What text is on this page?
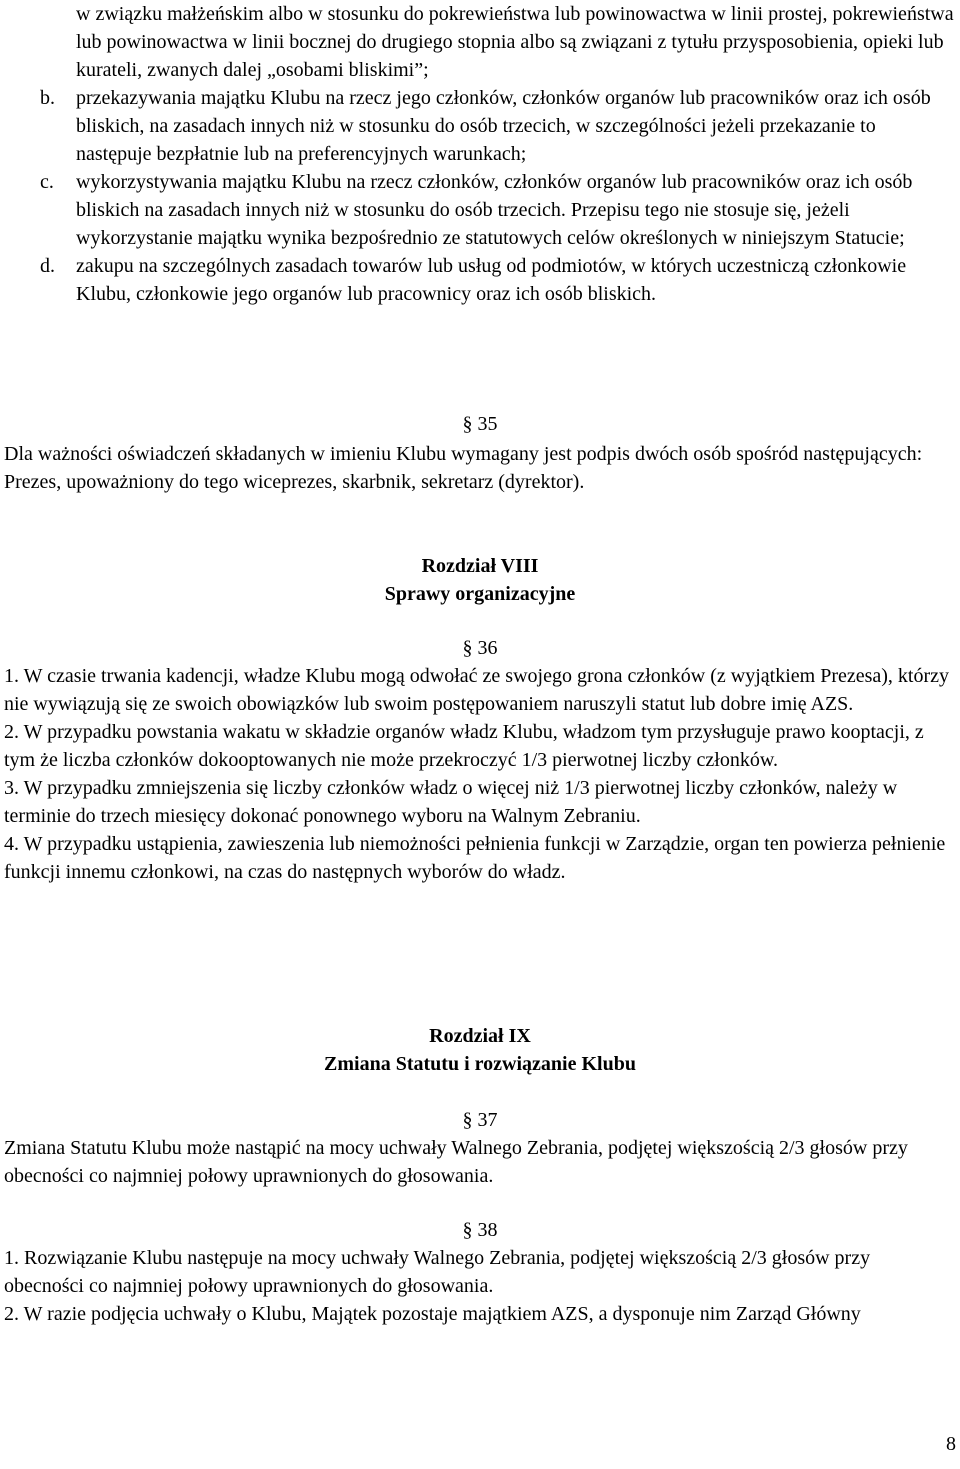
w związku małżeńskim albo w stosunku do pokrewieństwa lub powinowactwa w linii prostej, pokrewieństwa lub powinowactwa w linii bocznej do drugiego stopnia albo są związani z tytułu przysposobienia, opieki lub kurateli, zwanych dalej „osobami bliskimi”;

b. przekazywania majątku Klubu na rzecz jego członków, członków organów lub pracowników oraz ich osób bliskich, na zasadach innych niż w stosunku do osób trzecich, w szczególności jeżeli przekazanie to następuje bezpłatnie lub na preferencyjnych warunkach;

c. wykorzystywania majątku Klubu na rzecz członków, członków organów lub pracowników oraz ich osób bliskich na zasadach innych niż w stosunku do osób trzecich. Przepisu tego nie stosuje się, jeżeli wykorzystanie majątku wynika bezpośrednio ze statutowych celów określonych w niniejszym Statucie;

d. zakupu na szczególnych zasadach towarów lub usług od podmiotów, w których uczestniczą członkowie Klubu, członkowie jego organów lub pracownicy oraz ich osób bliskich.

§ 35

Dla ważności oświadczeń składanych w imieniu Klubu wymagany jest podpis dwóch osób spośród następujących: Prezes, upoważniony do tego wiceprezes, skarbnik, sekretarz (dyrektor).

Rozdział VIII
Sprawy organizacyjne
§ 36

1. W czasie trwania kadencji, władze Klubu mogą odwołać ze swojego grona członków (z wyjątkiem Prezesa), którzy nie wywiązują się ze swoich obowiązków lub swoim postępowaniem naruszyli statut lub dobre imię AZS.

2. W przypadku powstania wakatu w składzie organów władz Klubu, władzom tym przysługuje prawo kooptacji, z tym że liczba członków dokooptowanych nie może przekroczyć 1/3 pierwotnej liczby członków.

3. W przypadku zmniejszenia się liczby członków władz o więcej niż 1/3 pierwotnej liczby członków, należy w terminie do trzech miesięcy dokonać ponownego wyboru na Walnym Zebraniu.

4. W przypadku ustąpienia, zawieszenia lub niemożności pełnienia funkcji w Zarządzie, organ ten powierza pełnienie funkcji innemu członkowi, na czas do następnych wyborów do władz.

Rozdział IX
Zmiana Statutu i rozwiązanie Klubu
§ 37

Zmiana Statutu Klubu może nastąpić na mocy uchwały Walnego Zebrania, podjętej większością 2/3 głosów przy obecności co najmniej połowy uprawnionych do głosowania.

§ 38

1. Rozwiązanie Klubu następuje na mocy uchwały Walnego Zebrania, podjętej większością 2/3 głosów przy obecności co najmniej połowy uprawnionych do głosowania.

2. W razie podjęcia uchwały o Klubu, Majątek pozostaje majątkiem AZS, a dysponuje nim Zarząd Główny

8
